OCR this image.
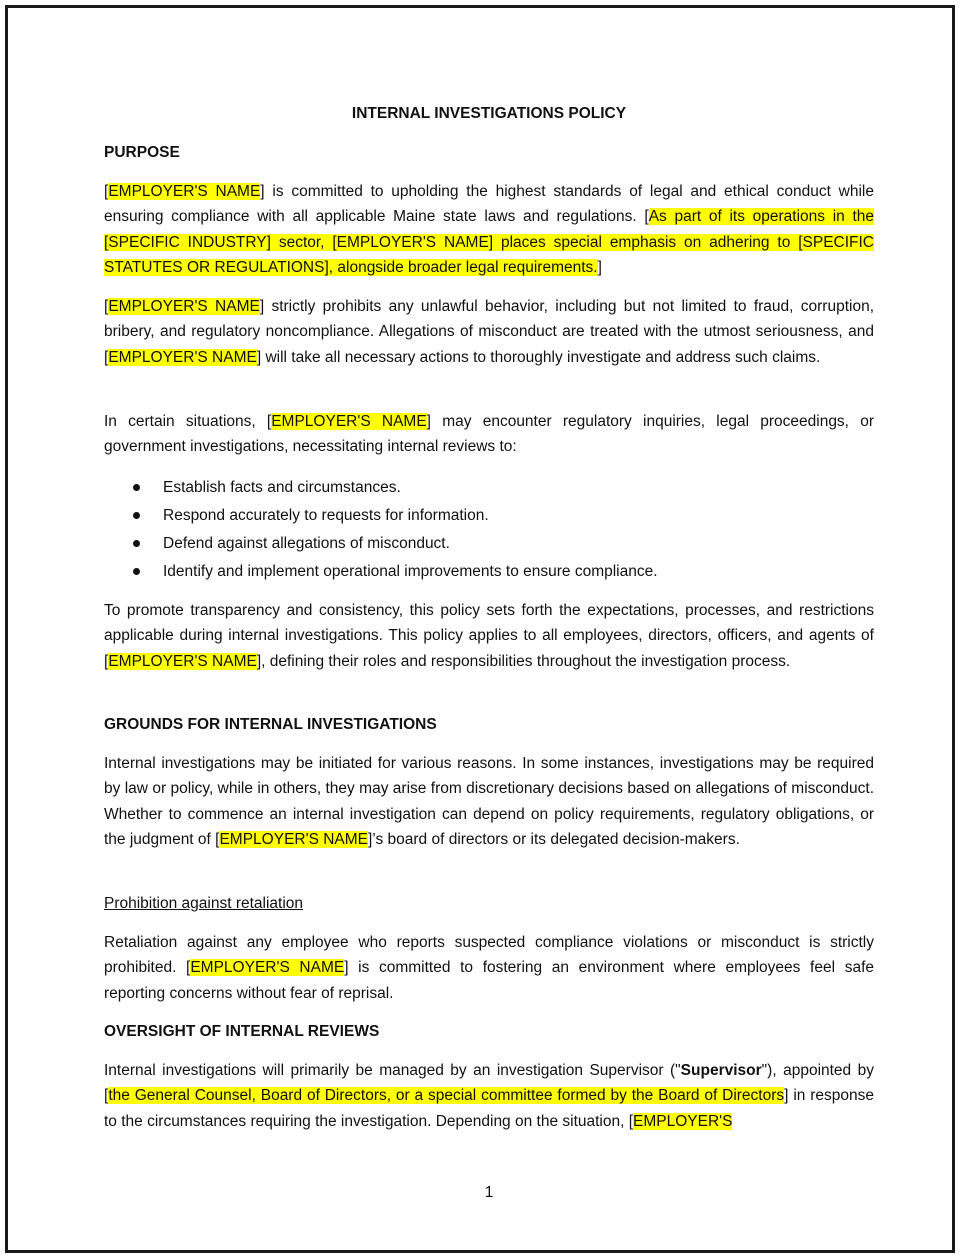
INTERNAL INVESTIGATIONS POLICY

PURPOSE

[EMPLOYER'S NAME] is committed to upholding the highest standards of legal and ethical conduct while ensuring compliance with all applicable Maine state laws and regulations. [As part of its operations in the [SPECIFIC INDUSTRY] sector, [EMPLOYER'S NAME] places special emphasis on adhering to [SPECIFIC STATUTES OR REGULATIONS], alongside broader legal requirements.]

[EMPLOYER'S NAME] strictly prohibits any unlawful behavior, including but not limited to fraud, corruption, bribery, and regulatory noncompliance. Allegations of misconduct are treated with the utmost seriousness, and [EMPLOYER'S NAME] will take all necessary actions to thoroughly investigate and address such claims.

In certain situations, [EMPLOYER'S NAME] may encounter regulatory inquiries, legal proceedings, or government investigations, necessitating internal reviews to:

Establish facts and circumstances.
Respond accurately to requests for information.
Defend against allegations of misconduct.
Identify and implement operational improvements to ensure compliance.

To promote transparency and consistency, this policy sets forth the expectations, processes, and restrictions applicable during internal investigations. This policy applies to all employees, directors, officers, and agents of [EMPLOYER'S NAME], defining their roles and responsibilities throughout the investigation process.

GROUNDS FOR INTERNAL INVESTIGATIONS

Internal investigations may be initiated for various reasons. In some instances, investigations may be required by law or policy, while in others, they may arise from discretionary decisions based on allegations of misconduct. Whether to commence an internal investigation can depend on policy requirements, regulatory obligations, or the judgment of [EMPLOYER'S NAME]’s board of directors or its delegated decision-makers.

Prohibition against retaliation

Retaliation against any employee who reports suspected compliance violations or misconduct is strictly prohibited. [EMPLOYER'S NAME] is committed to fostering an environment where employees feel safe reporting concerns without fear of reprisal.

OVERSIGHT OF INTERNAL REVIEWS

Internal investigations will primarily be managed by an investigation Supervisor ("Supervisor"), appointed by [the General Counsel, Board of Directors, or a special committee formed by the Board of Directors] in response to the circumstances requiring the investigation. Depending on the situation, [EMPLOYER'S

1
